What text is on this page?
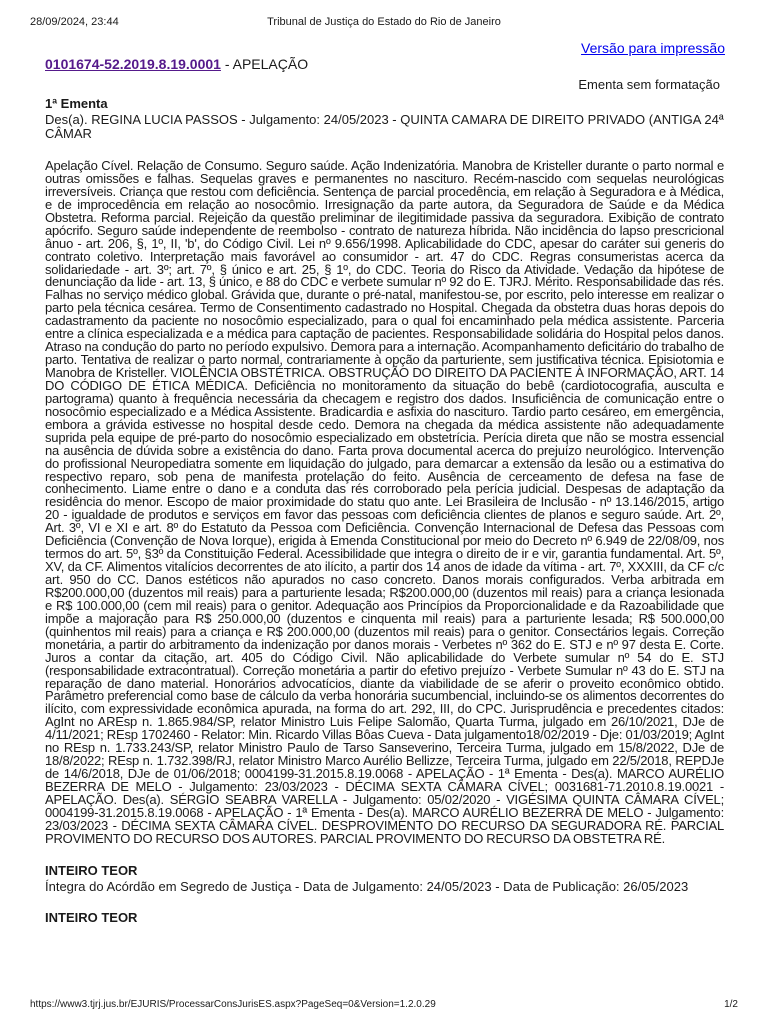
28/09/2024, 23:44	Tribunal de Justiça do Estado do Rio de Janeiro
Versão para impressão
0101674-52.2019.8.19.0001 - APELAÇÃO
Ementa sem formatação

1ª Ementa

Des(a). REGINA LUCIA PASSOS - Julgamento: 24/05/2023 - QUINTA CAMARA DE DIREITO PRIVADO (ANTIGA 24ª CÂMAR

Apelação Cível. Relação de Consumo. Seguro saúde. Ação Indenizatória. Manobra de Kristeller durante o parto normal e outras omissões e falhas. Sequelas graves e permanentes no nascituro. Recém-nascido com sequelas neurológicas irreversíveis. Criança que restou com deficiência. Sentença de parcial procedência, em relação à Seguradora e à Médica, e de improcedência em relação ao nosocômio. Irresignação da parte autora, da Seguradora de Saúde e da Médica Obstetra. Reforma parcial. Rejeição da questão preliminar de ilegitimidade passiva da seguradora. Exibição de contrato apócrifo. Seguro saúde independente de reembolso - contrato de natureza híbrida. Não incidência do lapso prescricional ânuo - art. 206, §, 1º, II, 'b', do Código Civil. Lei nº 9.656/1998. Aplicabilidade do CDC, apesar do caráter sui generis do contrato coletivo. Interpretação mais favorável ao consumidor - art. 47 do CDC. Regras consumeristas acerca da solidariedade - art. 3º; art. 7º, § único e art. 25, § 1º, do CDC. Teoria do Risco da Atividade. Vedação da hipótese de denunciação da lide - art. 13, § único, e 88 do CDC e verbete sumular nº 92 do E. TJRJ. Mérito. Responsabilidade das rés. Falhas no serviço médico global. Grávida que, durante o pré-natal, manifestou-se, por escrito, pelo interesse em realizar o parto pela técnica cesárea. Termo de Consentimento cadastrado no Hospital. Chegada da obstetra duas horas depois do cadastramento da paciente no nosocômio especializado, para o qual foi encaminhado pela médica assistente. Parceria entre a clínica especializada e a médica para captação de pacientes. Responsabilidade solidária do Hospital pelos danos. Atraso na condução do parto no período expulsivo. Demora para a internação. Acompanhamento deficitário do trabalho de parto. Tentativa de realizar o parto normal, contrariamente à opção da parturiente, sem justificativa técnica. Episiotomia e Manobra de Kristeller. VIOLÊNCIA OBSTÉTRICA. OBSTRUÇÃO DO DIREITO DA PACIENTE À INFORMAÇÃO, ART. 14 DO CÓDIGO DE ÉTICA MÉDICA. Deficiência no monitoramento da situação do bebê (cardiotocografia, ausculta e partograma) quanto à frequência necessária da checagem e registro dos dados. Insuficiência de comunicação entre o nosocômio especializado e a Médica Assistente. Bradicardia e asfixia do nascituro. Tardio parto cesáreo, em emergência, embora a grávida estivesse no hospital desde cedo. Demora na chegada da médica assistente não adequadamente suprida pela equipe de pré-parto do nosocômio especializado em obstetrícia. Perícia direta que não se mostra essencial na ausência de dúvida sobre a existência do dano. Farta prova documental acerca do prejuízo neurológico. Intervenção do profissional Neuropediatra somente em liquidação do julgado, para demarcar a extensão da lesão ou a estimativa do respectivo reparo, sob pena de manifesta protelação do feito. Ausência de cerceamento de defesa na fase de conhecimento. Liame entre o dano e a conduta das rés corroborado pela perícia judicial. Despesas de adaptação da residência do menor. Escopo de maior proximidade do statu quo ante. Lei Brasileira de Inclusão - nº 13.146/2015, artigo 20 - igualdade de produtos e serviços em favor das pessoas com deficiência clientes de planos e seguro saúde. Art. 2º, Art. 3º, VI e XI e art. 8º do Estatuto da Pessoa com Deficiência. Convenção Internacional de Defesa das Pessoas com Deficiência (Convenção de Nova Iorque), erigida à Emenda Constitucional por meio do Decreto nº 6.949 de 22/08/09, nos termos do art. 5º, §3º da Constituição Federal. Acessibilidade que integra o direito de ir e vir, garantia fundamental. Art. 5º, XV, da CF. Alimentos vitalícios decorrentes de ato ilícito, a partir dos 14 anos de idade da vítima - art. 7º, XXXIII, da CF c/c art. 950 do CC. Danos estéticos não apurados no caso concreto. Danos morais configurados. Verba arbitrada em R$200.000,00 (duzentos mil reais) para a parturiente lesada; R$200.000,00 (duzentos mil reais) para a criança lesionada e R$ 100.000,00 (cem mil reais) para o genitor. Adequação aos Princípios da Proporcionalidade e da Razoabilidade que impõe a majoração para R$ 250.000,00 (duzentos e cinquenta mil reais) para a parturiente lesada; R$ 500.000,00 (quinhentos mil reais) para a criança e R$ 200.000,00 (duzentos mil reais) para o genitor. Consectários legais. Correção monetária, a partir do arbitramento da indenização por danos morais - Verbetes nº 362 do E. STJ e nº 97 desta E. Corte. Juros a contar da citação, art. 405 do Código Civil. Não aplicabilidade do Verbete sumular nº 54 do E. STJ (responsabilidade extracontratual). Correção monetária a partir do efetivo prejuízo - Verbete Sumular nº 43 do E. STJ na reparação de dano material. Honorários advocatícios, diante da viabilidade de se aferir o proveito econômico obtido. Parâmetro preferencial como base de cálculo da verba honorária sucumbencial, incluindo-se os alimentos decorrentes do ilícito, com expressividade econômica apurada, na forma do art. 292, III, do CPC. Jurisprudência e precedentes citados: AgInt no AREsp n. 1.865.984/SP, relator Ministro Luis Felipe Salomão, Quarta Turma, julgado em 26/10/2021, DJe de 4/11/2021; REsp 1702460 - Relator: Min. Ricardo Villas Bôas Cueva - Data julgamento18/02/2019 - Dje: 01/03/2019; AgInt no REsp n. 1.733.243/SP, relator Ministro Paulo de Tarso Sanseverino, Terceira Turma, julgado em 15/8/2022, DJe de 18/8/2022; REsp n. 1.732.398/RJ, relator Ministro Marco Aurélio Bellizze, Terceira Turma, julgado em 22/5/2018, REPDJe de 14/6/2018, DJe de 01/06/2018; 0004199-31.2015.8.19.0068 - APELAÇÃO - 1ª Ementa - Des(a). MARCO AURÉLIO BEZERRA DE MELO - Julgamento: 23/03/2023 - DÉCIMA SEXTA CÂMARA CÍVEL; 0031681-71.2010.8.19.0021 - APELAÇÃO. Des(a). SÉRGIO SEABRA VARELLA - Julgamento: 05/02/2020 - VIGÉSIMA QUINTA CÂMARA CÍVEL; 0004199-31.2015.8.19.0068 - APELAÇÃO - 1ª Ementa - Des(a). MARCO AURÉLIO BEZERRA DE MELO - Julgamento: 23/03/2023 - DÉCIMA SEXTA CÂMARA CÍVEL. DESPROVIMENTO DO RECURSO DA SEGURADORA RÉ. PARCIAL PROVIMENTO DO RECURSO DOS AUTORES. PARCIAL PROVIMENTO DO RECURSO DA OBSTETRA RÉ.

INTEIRO TEOR

Íntegra do Acórdão em Segredo de Justiça - Data de Julgamento: 24/05/2023 - Data de Publicação: 26/05/2023

INTEIRO TEOR

https://www3.tjrj.jus.br/EJURIS/ProcessarConsJurisES.aspx?PageSeq=0&Version=1.2.0.29	1/2
